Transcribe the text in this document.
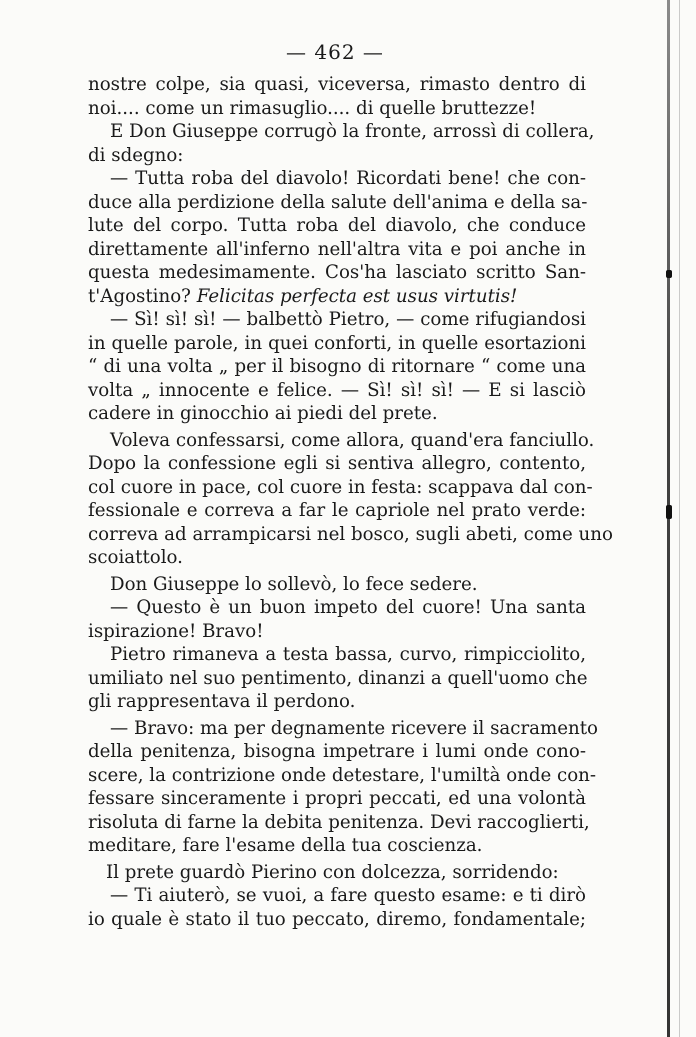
— 462 —
nostre colpe, sia quasi, viceversa, rimasto dentro di
noi.... come un rimasuglio.... di quelle bruttezze!
E Don Giuseppe corrugò la fronte, arrossì di collera,
di sdegno:
— Tutta roba del diavolo! Ricordati bene! che con-
duce alla perdizione della salute dell'anima e della sa-
lute del corpo. Tutta roba del diavolo, che conduce
direttamente all'inferno nell'altra vita e poi anche in
questa medesimamente. Cos'ha lasciato scritto San-
t'Agostino? Felicitas perfecta est usus virtutis!
— Sì! sì! sì! — balbettò Pietro, — come rifugiandosi
in quelle parole, in quei conforti, in quelle esortazioni
“ di una volta „ per il bisogno di ritornare “ come una
volta „ innocente e felice. — Sì! sì! sì! — E si lasciò
cadere in ginocchio ai piedi del prete.
Voleva confessarsi, come allora, quand'era fanciullo.
Dopo la confessione egli si sentiva allegro, contento,
col cuore in pace, col cuore in festa: scappava dal con-
fessionale e correva a far le capriole nel prato verde:
correva ad arrampicarsi nel bosco, sugli abeti, come uno
scoiattolo.
Don Giuseppe lo sollevò, lo fece sedere.
— Questo è un buon impeto del cuore! Una santa
ispirazione! Bravo!
Pietro rimaneva a testa bassa, curvo, rimpicciolito,
umiliato nel suo pentimento, dinanzi a quell'uomo che
gli rappresentava il perdono.
— Bravo: ma per degnamente ricevere il sacramento
della penitenza, bisogna impetrare i lumi onde cono-
scere, la contrizione onde detestare, l'umiltà onde con-
fessare sinceramente i propri peccati, ed una volontà
risoluta di farne la debita penitenza. Devi raccoglierti,
meditare, fare l'esame della tua coscienza.
Il prete guardò Pierino con dolcezza, sorridendo:
— Ti aiuterò, se vuoi, a fare questo esame: e ti dirò
io quale è stato il tuo peccato, diremo, fondamentale;
